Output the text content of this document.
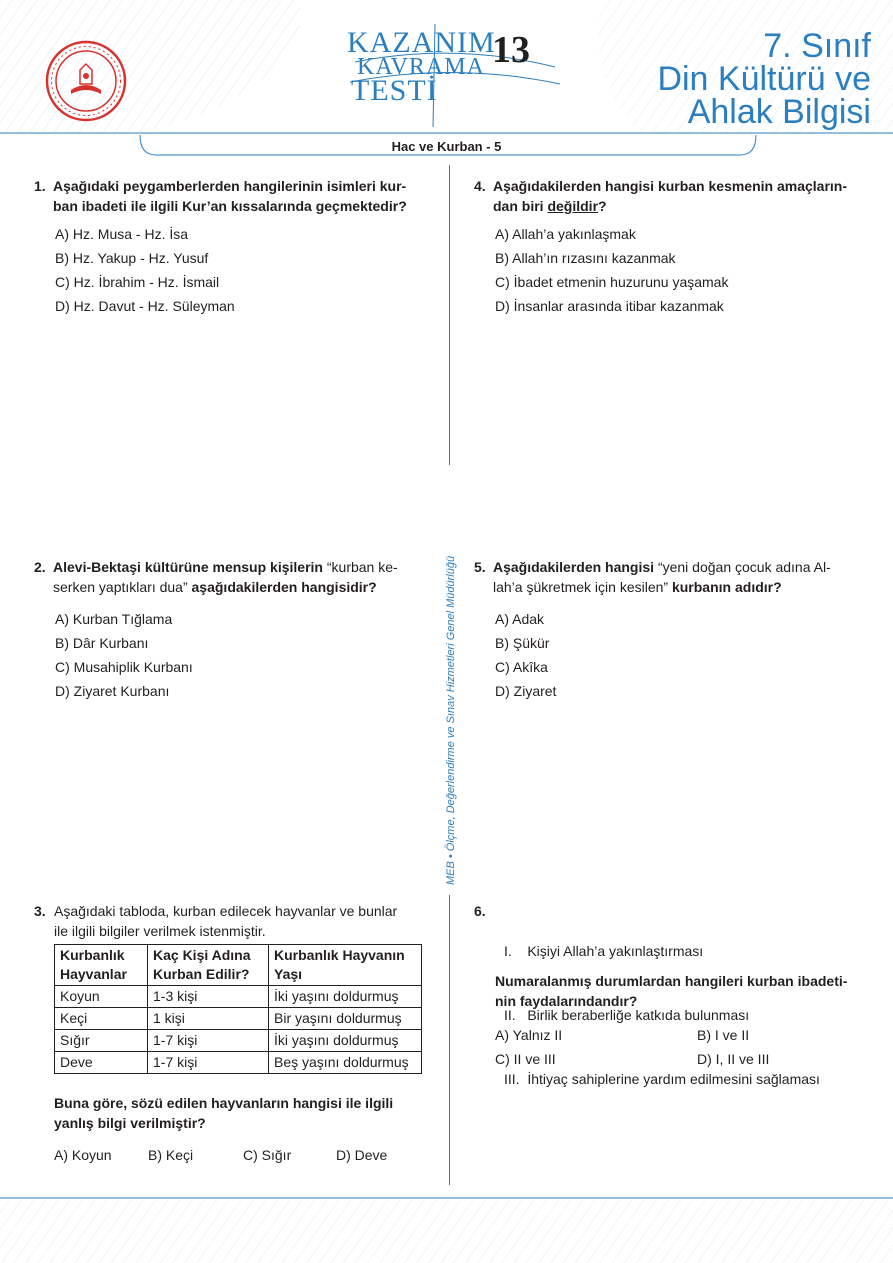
KAZANIM
KAVRAMA
TESTİ
13	7. Sınıf
Din Kültürü ve
Ahlak Bilgisi
Hac ve Kurban - 5
MEB • Ölçme, Değerlendirme ve Sınav Hizmetleri Genel Müdürlüğü
1. Aşağıdaki peygamberlerden hangilerinin isimleri kur-
ban ibadeti ile ilgili Kur’an kıssalarında geçmektedir?
A) Hz. Musa - Hz. İsa
B) Hz. Yakup - Hz. Yusuf
C) Hz. İbrahim - Hz. İsmail
D) Hz. Davut - Hz. Süleyman
4. Aşağıdakilerden hangisi kurban kesmenin amaçların-
dan biri değildir?
A) Allah’a yakınlaşmak
B) Allah’ın rızasını kazanmak
C) İbadet etmenin huzurunu yaşamak
D) İnsanlar arasında itibar kazanmak
2. Alevi-Bektaşi kültürüne mensup kişilerin “kurban ke-
serken yaptıkları dua” aşağıdakilerden hangisidir?
A) Kurban Tığlama
B) Dâr Kurbanı
C) Musahiplik Kurbanı
D) Ziyaret Kurbanı
5. Aşağıdakilerden hangisi “yeni doğan çocuk adına Al-
lah’a şükretmek için kesilen” kurbanın adıdır?
A) Adak
B) Şükür
C) Akîka
D) Ziyaret
3. Aşağıdaki tabloda, kurban edilecek hayvanlar ve bunlar
ile ilgili bilgiler verilmek istenmiştir.
Kurbanlık Hayvanlar	Kaç Kişi Adına Kurban Edilir?	Kurbanlık Hayvanın Yaşı
Koyun	1-3 kişi	İki yaşını doldurmuş
Keçi	1 kişi	Bir yaşını doldurmuş
Sığır	1-7 kişi	İki yaşını doldurmuş
Deve	1-7 kişi	Beş yaşını doldurmuş
Buna göre, sözü edilen hayvanların hangisi ile ilgili
yanlış bilgi verilmiştir?
A) Koyun	B) Keçi	C) Sığır	D) Deve
6.

I.    Kişiyi Allah’a yakınlaştırması

II.   Birlik beraberliğe katkıda bulunması

III.  İhtiyaç sahiplerine yardım edilmesini sağlaması

Numaralanmış durumlardan hangileri kurban ibadeti-
nin faydalarındandır?
A) Yalnız II	B) I ve II
C) II ve III	D) I, II ve III
